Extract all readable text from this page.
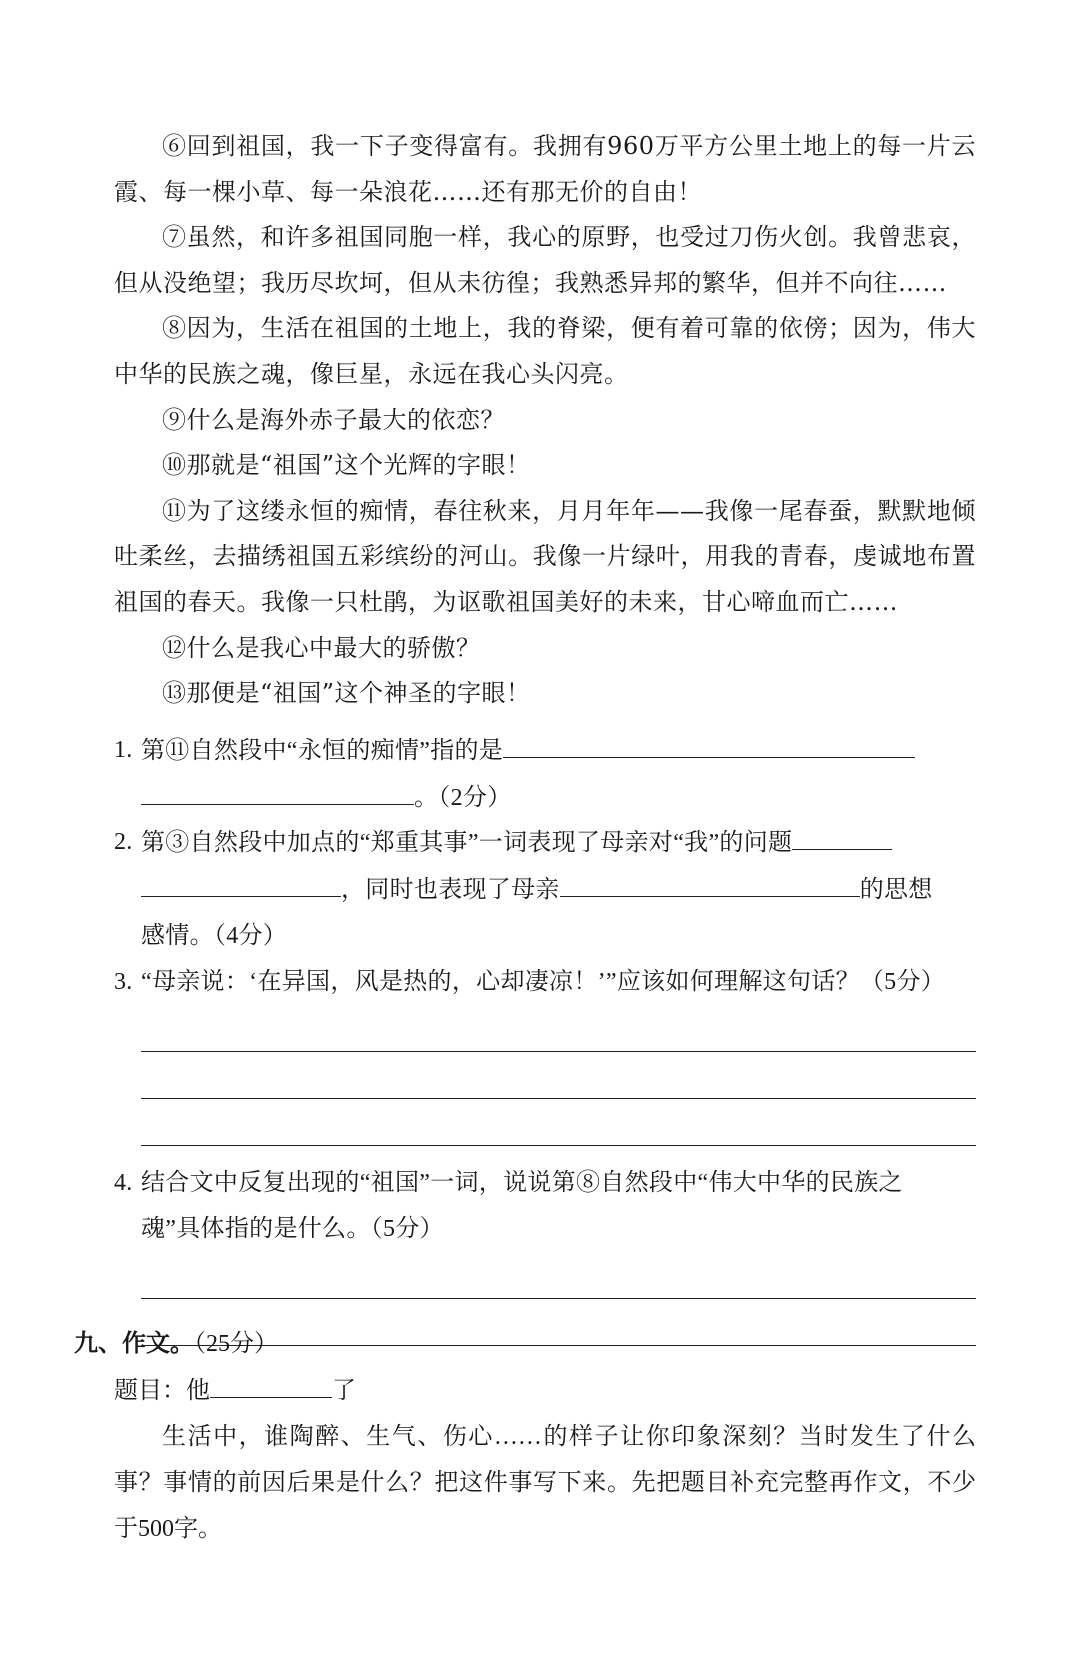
⑥回到祖国，我一下子变得富有。我拥有960万平方公里土地上的每一片云霞、每一棵小草、每一朵浪花……还有那无价的自由！

⑦虽然，和许多祖国同胞一样，我心的原野，也受过刀伤火创。我曾悲哀，但从没绝望；我历尽坎坷，但从未彷徨；我熟悉异邦的繁华，但并不向往……

⑧因为，生活在祖国的土地上，我的脊梁，便有着可靠的依傍；因为，伟大中华的民族之魂，像巨星，永远在我心头闪亮。

⑨什么是海外赤子最大的依恋？

⑩那就是“祖国”这个光辉的字眼！

⑪为了这缕永恒的痴情，春往秋来，月月年年——我像一尾春蚕，默默地倾吐柔丝，去描绣祖国五彩缤纷的河山。我像一片绿叶，用我的青春，虔诚地布置祖国的春天。我像一只杜鹃，为讴歌祖国美好的未来，甘心啼血而亡……

⑫什么是我心中最大的骄傲？

⑬那便是“祖国”这个神圣的字眼！

1. 第⑪自然段中“永恒的痴情”指的是
。（2分）
2. 第③自然段中加点的“郑重其事”一词表现了母亲对“我”的问题
，同时也表现了母亲	的思想
感情。（4分）
3. “母亲说：‘在异国，风是热的，心却凄凉！’”应该如何理解这句话？（5分）
4. 结合文中反复出现的“祖国”一词，说说第⑧自然段中“伟大中华的民族之
魂”具体指的是什么。（5分）

九、作文。（25分）

题目：他	了

生活中，谁陶醉、生气、伤心……的样子让你印象深刻？当时发生了什么事？事情的前因后果是什么？把这件事写下来。先把题目补充完整再作文，不少于500字。
